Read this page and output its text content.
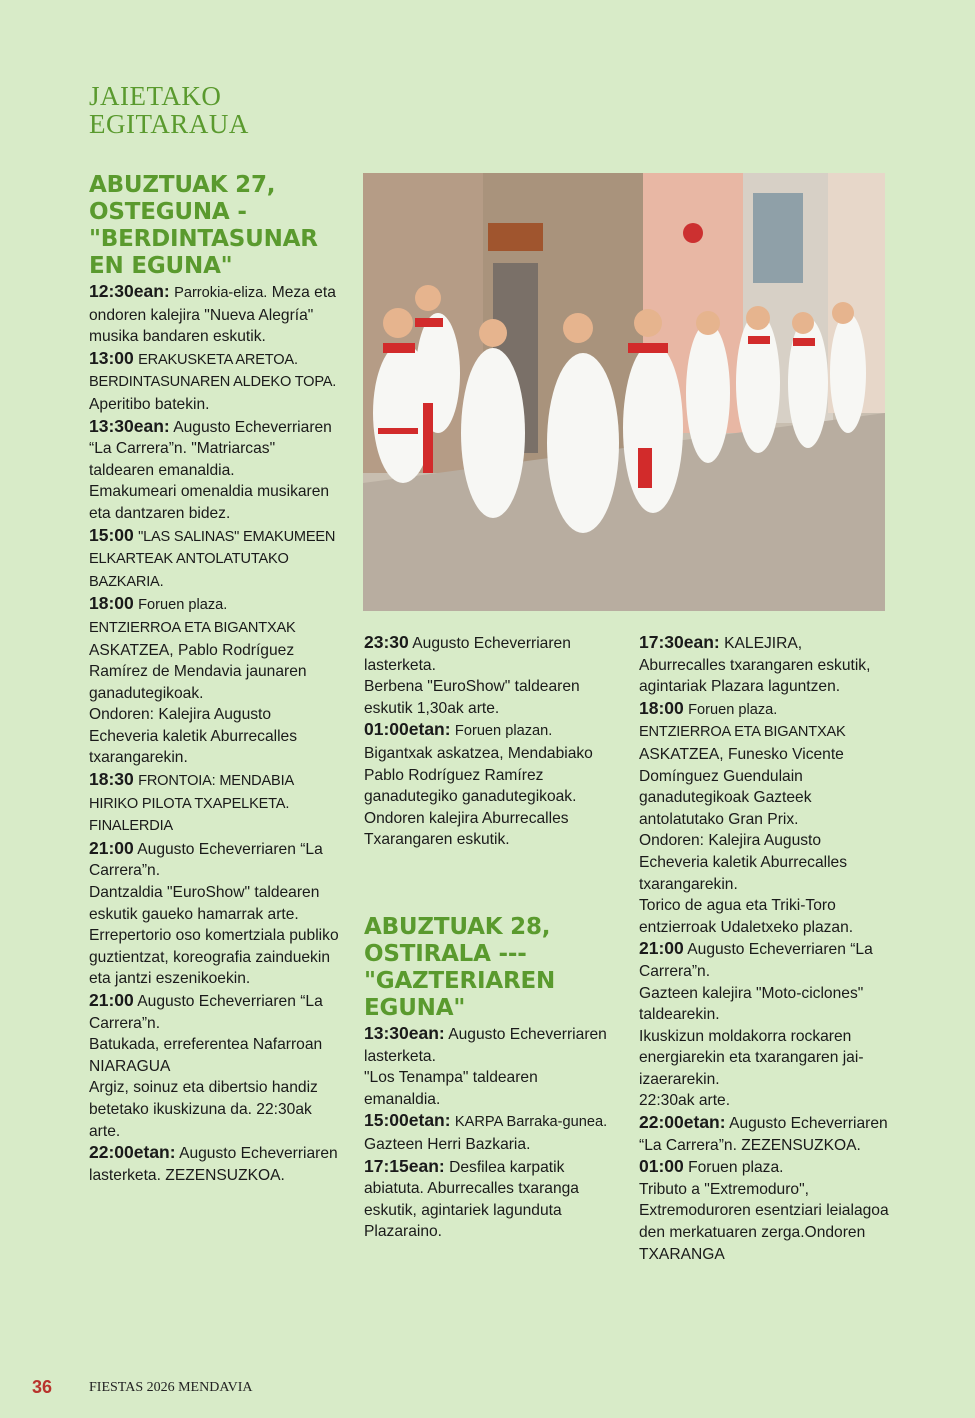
JAIETAKO
EGITARAUA
ABUZTUAK 27, OSTEGUNA - "BERDINTASUNAR EN EGUNA"

12:30ean: Parrokia-eliza. Meza eta ondoren kalejira "Nueva Alegría" musika bandaren eskutik.

13:00 ERAKUSKETA ARETOA. BERDINTASUNAREN ALDEKO TOPA. Aperitibo batekin.

13:30ean: Augusto Echeverriaren “La Carrera”n. "Matriarcas" taldearen emanaldia.

Emakumeari omenaldia musikaren eta dantzaren bidez.

15:00 "LAS SALINAS" EMAKUMEEN ELKARTEAK ANTOLATUTAKO BAZKARIA.

18:00 Foruen plaza.

ENTZIERROA ETA BIGANTXAK ASKATZEA, Pablo Rodríguez Ramírez de Mendavia jaunaren ganadutegikoak.

Ondoren: Kalejira Augusto Echeveria kaletik Aburrecalles txarangarekin.

18:30 FRONTOIA: MENDABIA HIRIKO PILOTA TXAPELKETA. FINALERDIA

21:00 Augusto Echeverriaren “La Carrera”n.

Dantzaldia "EuroShow" taldearen eskutik gaueko hamarrak arte.

Errepertorio oso komertziala publiko guztientzat, koreografia zainduekin eta jantzi eszenikoekin.

21:00 Augusto Echeverriaren “La Carrera”n.

Batukada, erreferentea Nafarroan NIARAGUA

Argiz, soinuz eta dibertsio handiz betetako ikuskizuna da. 22:30ak arte.

22:00etan: Augusto Echeverriaren lasterketa. ZEZENSUZKOA.

23:30 Augusto Echeverriaren lasterketa.

Berbena "EuroShow" taldearen eskutik 1,30ak arte.

01:00etan: Foruen plazan.

Bigantxak askatzea, Mendabiako Pablo Rodríguez Ramírez ganadutegiko ganadutegikoak.

Ondoren kalejira Aburrecalles Txarangaren eskutik.

ABUZTUAK 28, OSTIRALA --- "GAZTERIAREN EGUNA"

13:30ean: Augusto Echeverriaren lasterketa.

"Los Tenampa" taldearen emanaldia.

15:00etan: KARPA Barraka-gunea.

Gazteen Herri Bazkaria.

17:15ean: Desfilea karpatik abiatuta. Aburrecalles txaranga eskutik, agintariek lagunduta Plazaraino.

17:30ean: KALEJIRA, Aburrecalles txarangaren eskutik, agintariak Plazara laguntzen.

18:00 Foruen plaza.

ENTZIERROA ETA BIGANTXAK ASKATZEA, Funesko Vicente Domínguez Guendulain ganadutegikoak Gazteek antolatutako Gran Prix.

Ondoren: Kalejira Augusto Echeveria kaletik Aburrecalles txarangarekin.

Torico de agua eta Triki-Toro entzierroak Udaletxeko plazan.

21:00 Augusto Echeverriaren “La Carrera”n.

Gazteen kalejira "Moto-ciclones" taldearekin.

Ikuskizun moldakorra rockaren energiarekin eta txarangaren jai-izaerarekin.

22:30ak arte.

22:00etan: Augusto Echeverriaren “La Carrera”n. ZEZENSUZKOA.

01:00 Foruen plaza.

Tributo a "Extremoduro", Extremoduroren esentziari leialagoa den merkatuaren zerga.Ondoren TXARANGA

36	FIESTAS 2026 MENDAVIA
